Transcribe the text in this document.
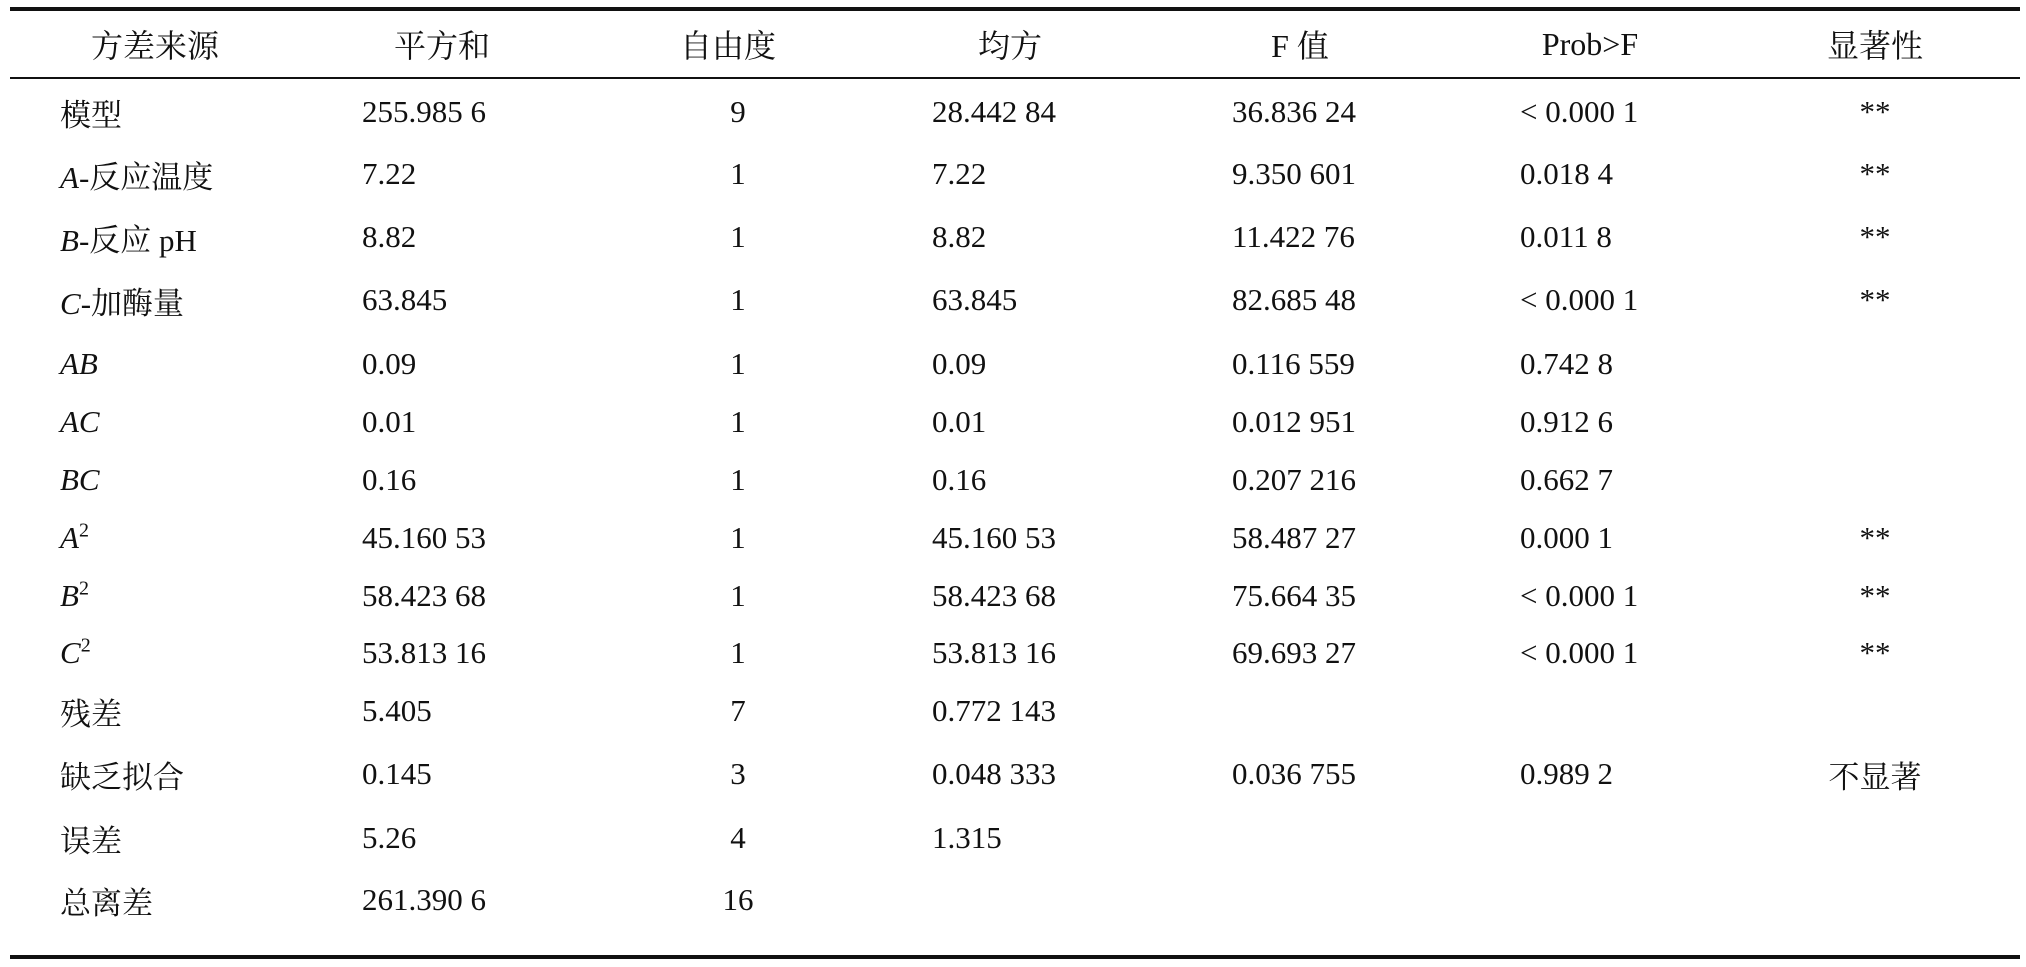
方差来源	平方和	自由度	均方	F 值	Prob>F	显著性
模型	255.985 6	9	28.442 84	36.836 24	< 0.000 1	**
A-反应温度	7.22	1	7.22	9.350 601	0.018 4	**
B-反应 pH	8.82	1	8.82	11.422 76	0.011 8	**
C-加酶量	63.845	1	63.845	82.685 48	< 0.000 1	**
AB	0.09	1	0.09	0.116 559	0.742 8
AC	0.01	1	0.01	0.012 951	0.912 6
BC	0.16	1	0.16	0.207 216	0.662 7
$A^2$	45.160 53	1	45.160 53	58.487 27	0.000 1	**
$B^2$	58.423 68	1	58.423 68	75.664 35	< 0.000 1	**
$C^2$	53.813 16	1	53.813 16	69.693 27	< 0.000 1	**
残差	5.405	7	0.772 143
缺乏拟合	0.145	3	0.048 333	0.036 755	0.989 2	不显著
误差	5.26	4	1.315
总离差	261.390 6	16
